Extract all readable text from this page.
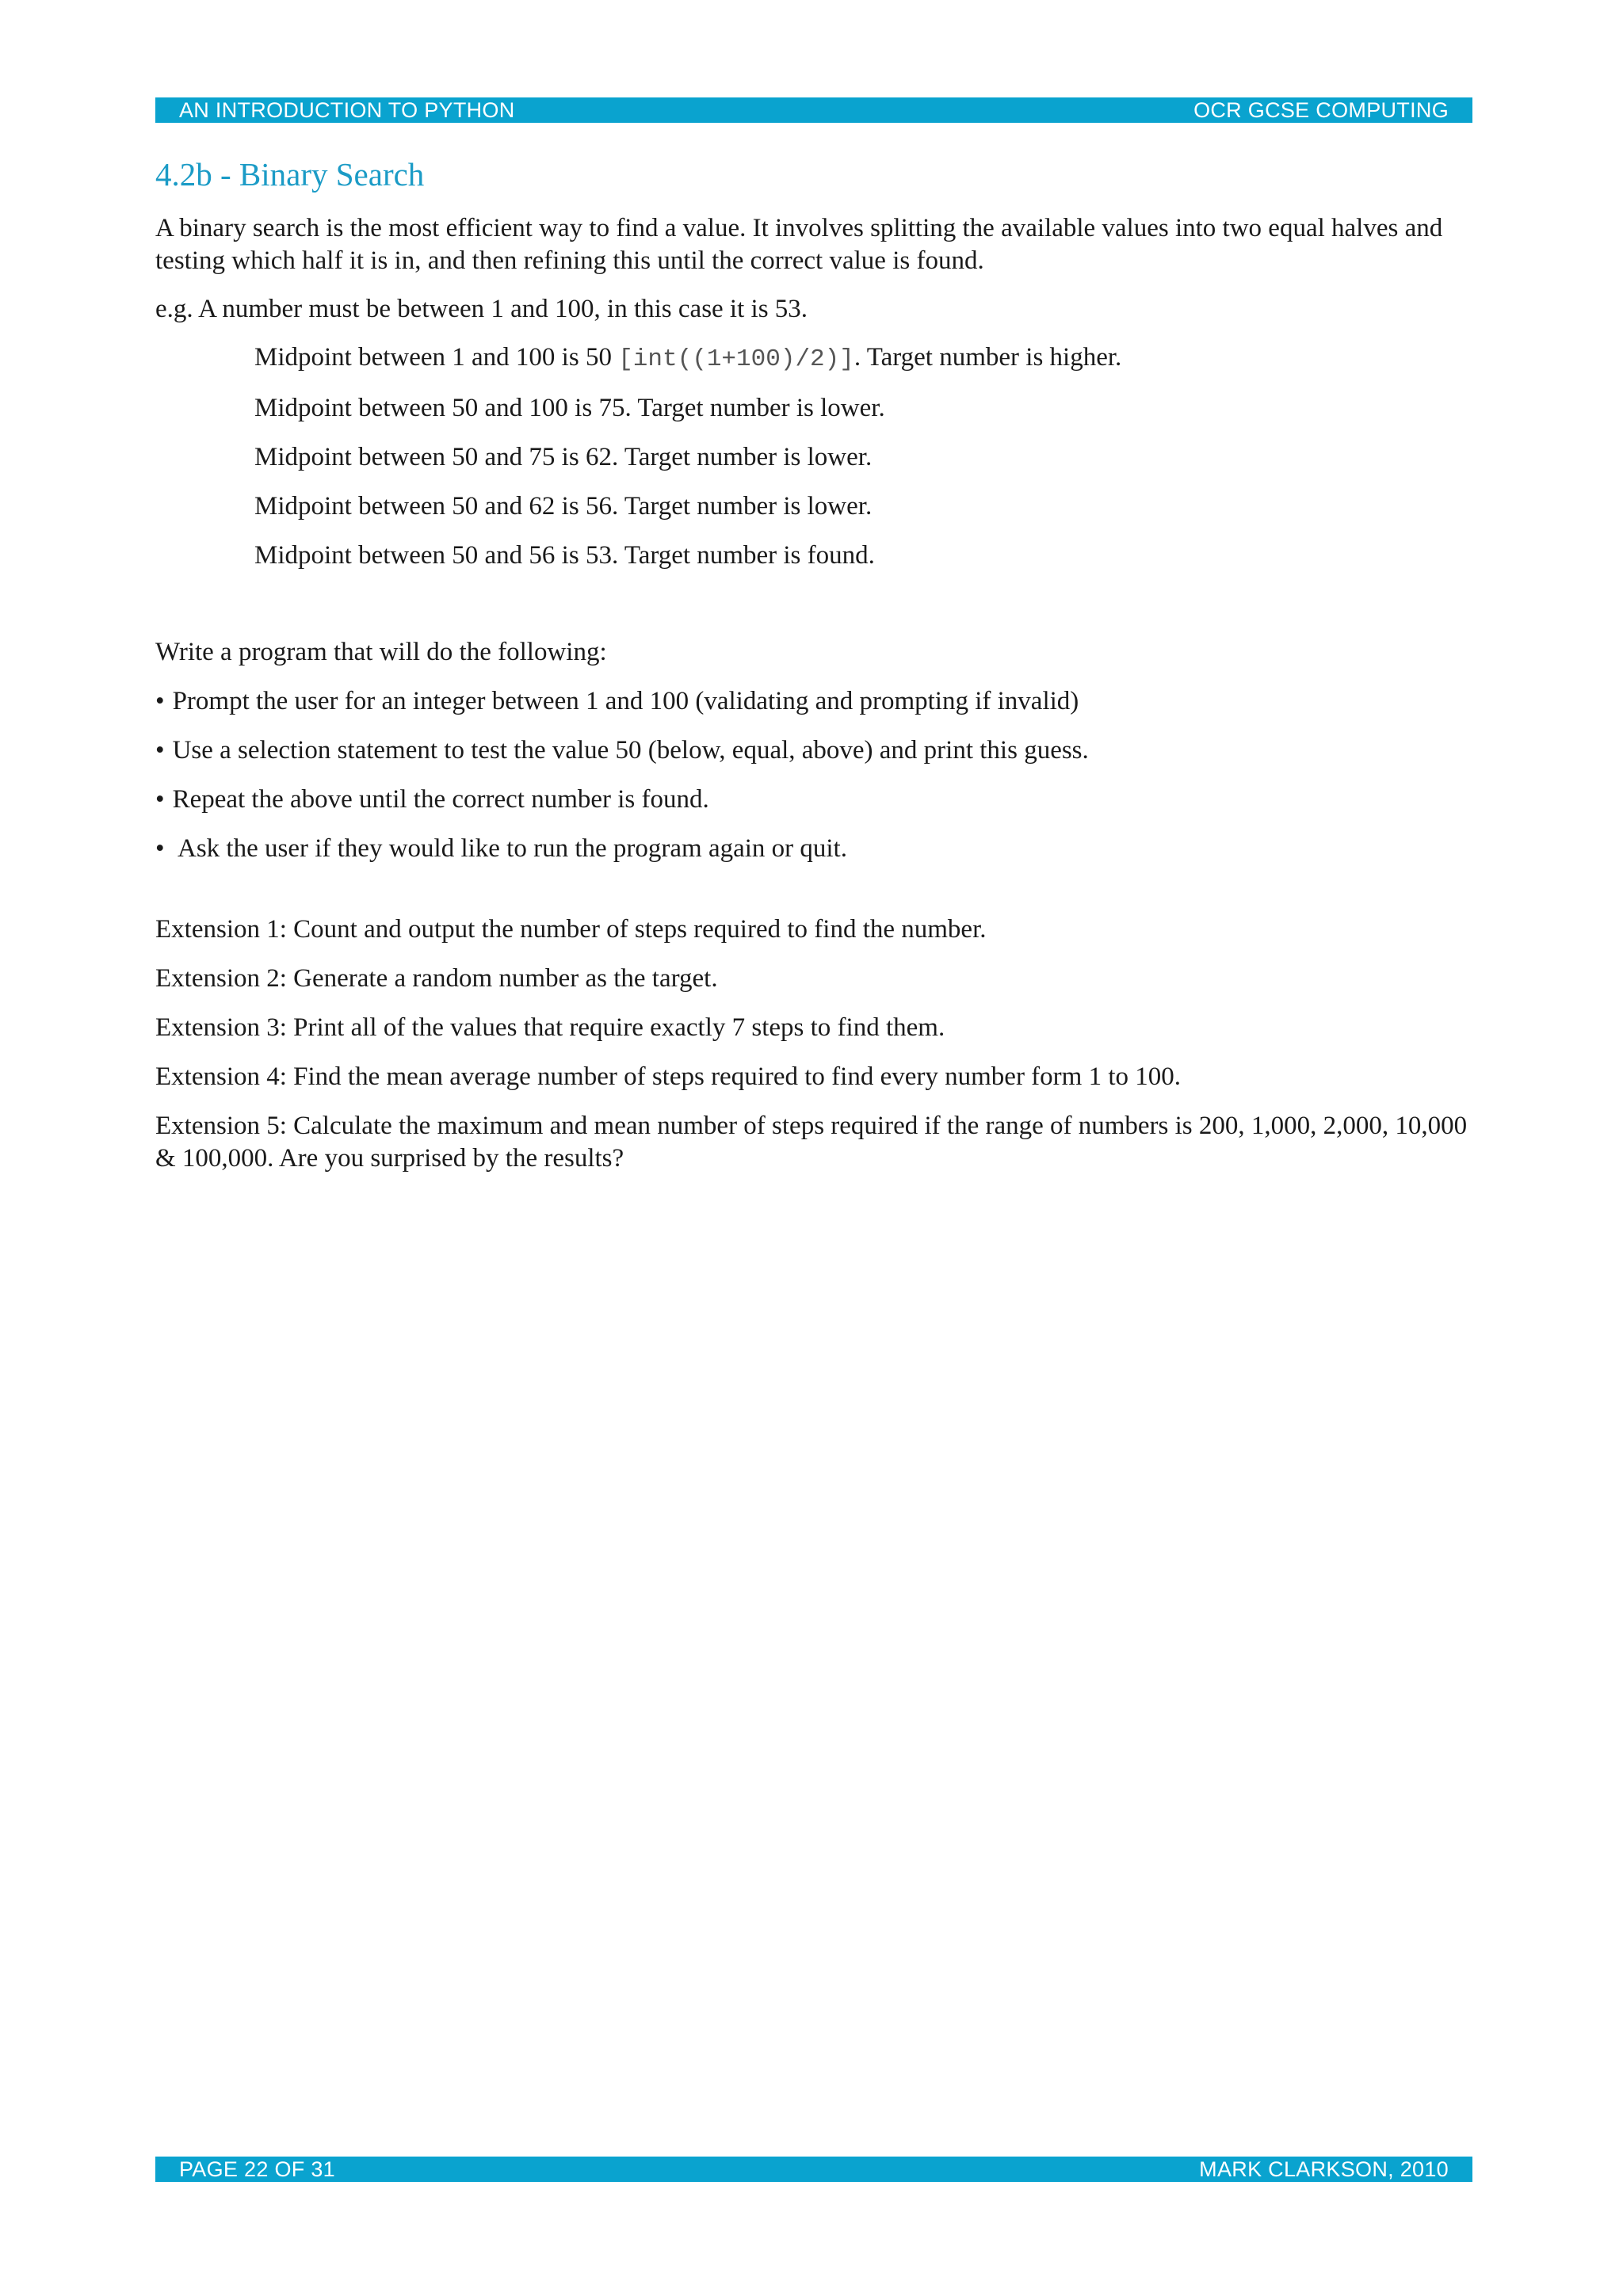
AN INTRODUCTION TO PYTHON	OCR GCSE COMPUTING
4.2b - Binary Search

A binary search is the most efficient way to find a value. It involves splitting the available values into two equal halves and testing which half it is in, and then refining this until the correct value is found.

e.g. A number must be between 1 and 100, in this case it is 53.

Midpoint between 1 and 100 is 50 [int((1+100)/2)]. Target number is higher.

Midpoint between 50 and 100 is 75. Target number is lower.

Midpoint between 50 and 75 is 62. Target number is lower.

Midpoint between 50 and 62 is 56. Target number is lower.

Midpoint between 50 and 56 is 53. Target number is found.

Write a program that will do the following:

• Prompt the user for an integer between 1 and 100 (validating and prompting if invalid)
• Use a selection statement to test the value 50 (below, equal, above) and print this guess.
• Repeat the above until the correct number is found.
• Ask the user if they would like to run the program again or quit.

Extension 1: Count and output the number of steps required to find the number.

Extension 2: Generate a random number as the target.

Extension 3: Print all of the values that require exactly 7 steps to find them.

Extension 4: Find the mean average number of steps required to find every number form 1 to 100.

Extension 5: Calculate the maximum and mean number of steps required if the range of numbers is 200, 1,000, 2,000, 10,000 & 100,000. Are you surprised by the results?

PAGE 22 OF 31	MARK CLARKSON, 2010
